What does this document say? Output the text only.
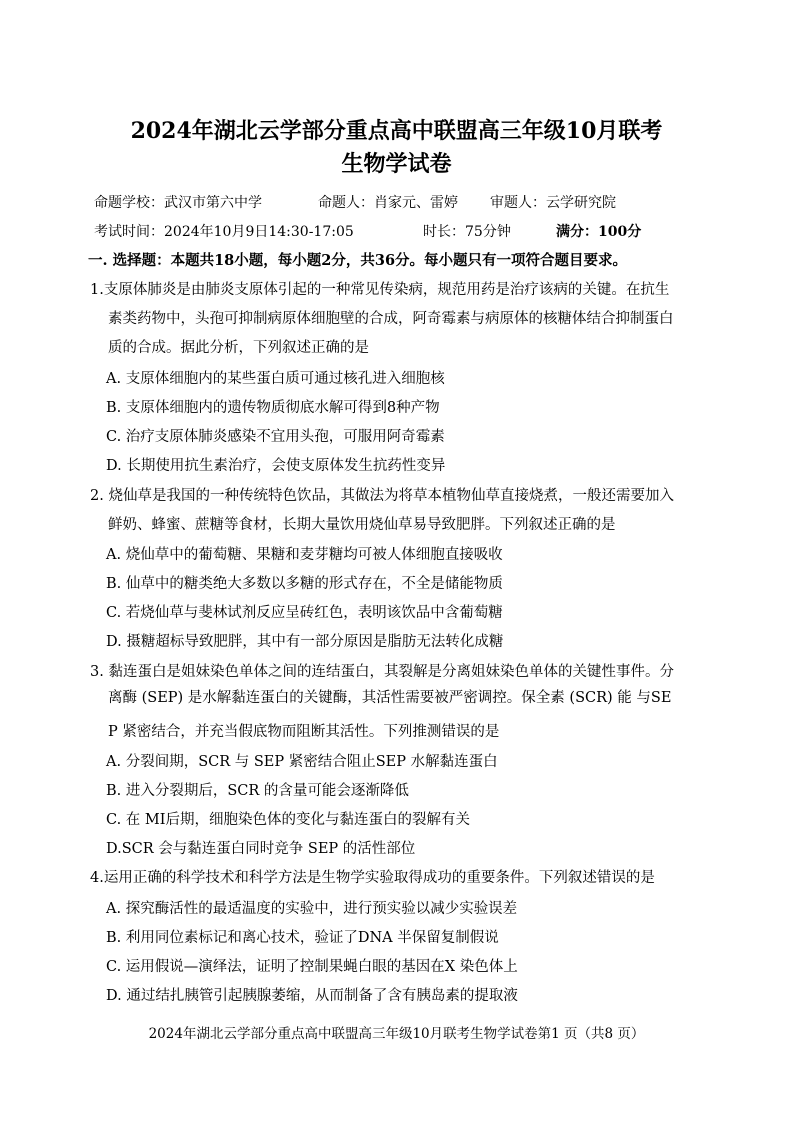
2024年湖北云学部分重点高中联盟高三年级10月联考
生物学试卷
命题学校：武汉市第六中学	命题人：肖家元、雷婷 审题人：云学研究院
考试时间：2024年10月9日14:30-17:05	时长：75分钟	满分：100分
一. 选择题：本题共18小题，每小题2分，共36分。每小题只有一项符合题目要求。
1.支原体肺炎是由肺炎支原体引起的一种常见传染病，规范用药是治疗该病的关键。在抗生
素类药物中，头孢可抑制病原体细胞壁的合成，阿奇霉素与病原体的核糖体结合抑制蛋白
质的合成。据此分析，下列叙述正确的是
A. 支原体细胞内的某些蛋白质可通过核孔进入细胞核
B. 支原体细胞内的遗传物质彻底水解可得到8种产物
C. 治疗支原体肺炎感染不宜用头孢，可服用阿奇霉素
D. 长期使用抗生素治疗，会使支原体发生抗药性变异
2. 烧仙草是我国的一种传统特色饮品，其做法为将草本植物仙草直接烧煮，一般还需要加入
鲜奶、蜂蜜、蔗糖等食材，长期大量饮用烧仙草易导致肥胖。下列叙述正确的是
A. 烧仙草中的葡萄糖、果糖和麦芽糖均可被人体细胞直接吸收
B. 仙草中的糖类绝大多数以多糖的形式存在，不全是储能物质
C. 若烧仙草与斐林试剂反应呈砖红色，表明该饮品中含葡萄糖
D. 摄糖超标导致肥胖，其中有一部分原因是脂肪无法转化成糖
3. 黏连蛋白是姐妹染色单体之间的连结蛋白，其裂解是分离姐妹染色单体的关键性事件。分
离酶 (SEP) 是水解黏连蛋白的关键酶，其活性需要被严密调控。保全素 (SCR) 能 与SE
P 紧密结合，并充当假底物而阻断其活性。下列推测错误的是
A. 分裂间期，SCR 与 SEP 紧密结合阻止SEP 水解黏连蛋白
B. 进入分裂期后，SCR 的含量可能会逐渐降低
C. 在 MI后期，细胞染色体的变化与黏连蛋白的裂解有关
D.SCR 会与黏连蛋白同时竞争 SEP 的活性部位
4.运用正确的科学技术和科学方法是生物学实验取得成功的重要条件。下列叙述错误的是
A. 探究酶活性的最适温度的实验中，进行预实验以减少实验误差
B. 利用同位素标记和离心技术，验证了DNA 半保留复制假说
C. 运用假说—演绎法，证明了控制果蝇白眼的基因在X 染色体上
D. 通过结扎胰管引起胰腺萎缩，从而制备了含有胰岛素的提取液
2024年湖北云学部分重点高中联盟高三年级10月联考生物学试卷第1 页（共8 页）
